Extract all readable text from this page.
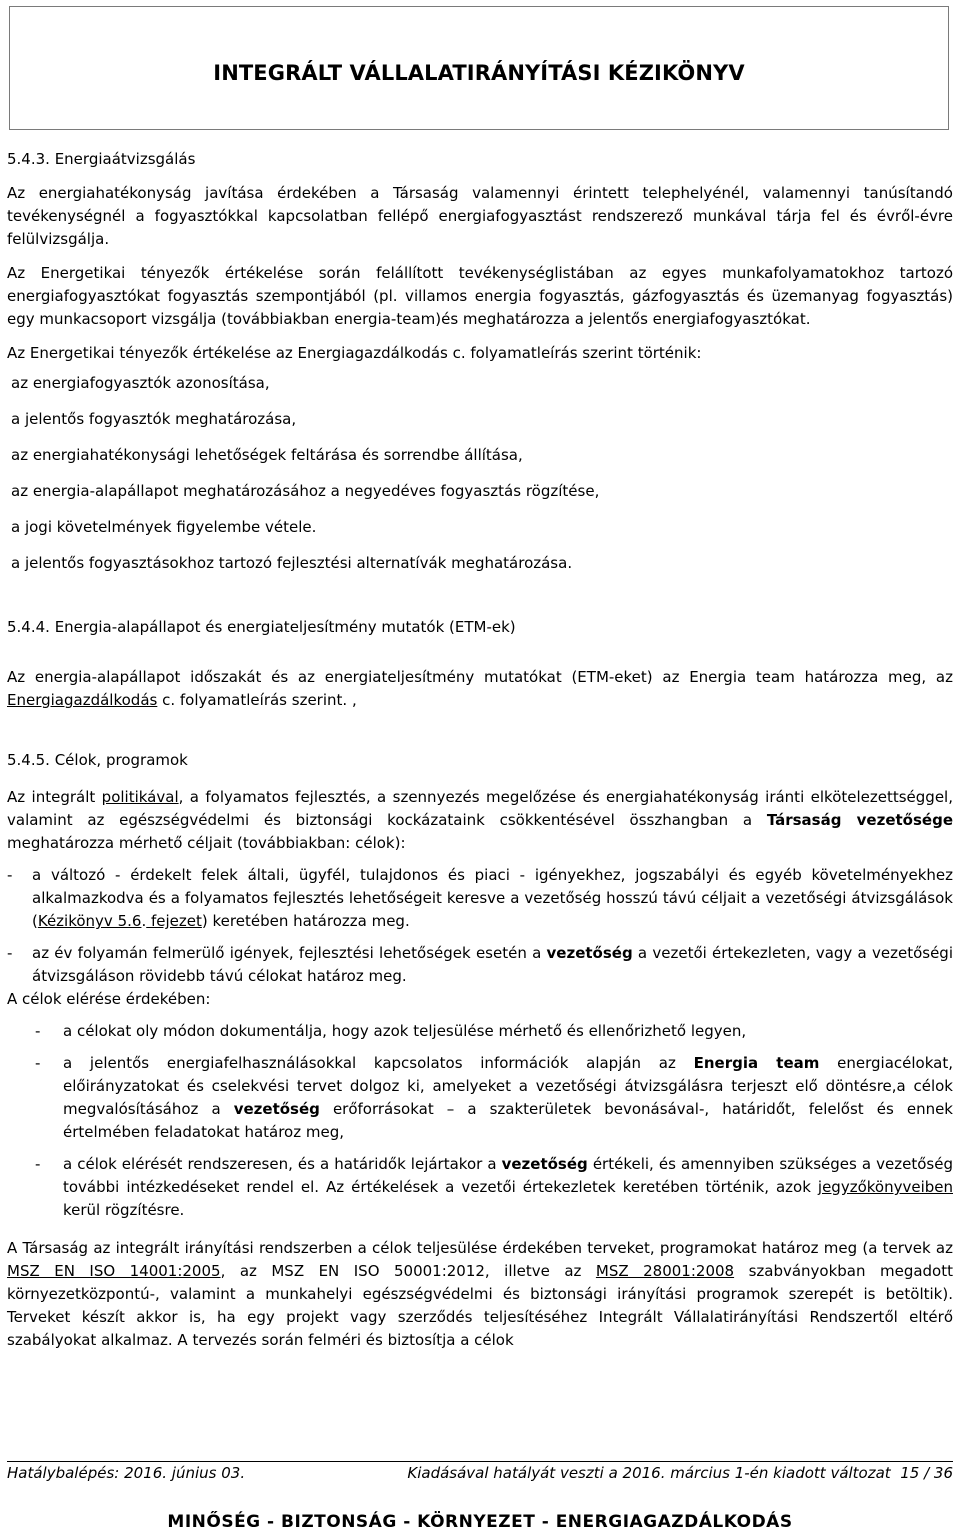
INTEGRÁLT VÁLLALATIRÁNYÍTÁSI KÉZIKÖNYV

5.4.3. Energiaátvizsgálás

Az energiahatékonyság javítása érdekében a Társaság valamennyi érintett telephelyénél, valamennyi tanúsítandó tevékenységnél a fogyasztókkal kapcsolatban fellépő energiafogyasztást rendszerező munkával tárja fel és évről-évre felülvizsgálja.

Az Energetikai tényezők értékelése során felállított tevékenységlistában az egyes munkafolyamatokhoz tartozó energiafogyasztókat fogyasztás szempontjából (pl. villamos energia fogyasztás, gázfogyasztás és üzemanyag fogyasztás) egy munkacsoport vizsgálja (továbbiakban energia-team)és meghatározza a jelentős energiafogyasztókat.

Az Energetikai tényezők értékelése az Energiagazdálkodás c. folyamatleírás szerint történik:

az energiafogyasztók azonosítása,

a jelentős fogyasztók meghatározása,

az energiahatékonysági lehetőségek feltárása és sorrendbe állítása,

az energia-alapállapot meghatározásához a negyedéves fogyasztás rögzítése,

a jogi követelmények figyelembe vétele.

a jelentős fogyasztásokhoz tartozó fejlesztési alternatívák meghatározása.

5.4.4. Energia-alapállapot és energiateljesítmény mutatók (ETM-ek)

Az energia-alapállapot időszakát és az energiateljesítmény mutatókat (ETM-eket) az Energia team határozza meg, az Energiagazdálkodás c. folyamatleírás szerint. ,

5.4.5. Célok, programok

Az integrált politikával, a folyamatos fejlesztés, a szennyezés megelőzése és energiahatékonyság iránti elkötelezettséggel, valamint az egészségvédelmi és biztonsági kockázataink csökkentésével összhangban a Társaság vezetősége meghatározza mérhető céljait (továbbiakban: célok):

- a változó - érdekelt felek általi, ügyfél, tulajdonos és piaci - igényekhez, jogszabályi és egyéb követelményekhez alkalmazkodva és a folyamatos fejlesztés lehetőségeit keresve a vezetőség hosszú távú céljait a vezetőségi átvizsgálások (Kézikönyv 5.6. fejezet) keretében határozza meg.
- az év folyamán felmerülő igények, fejlesztési lehetőségek esetén a vezetőség a vezetői értekezleten, vagy a vezetőségi átvizsgáláson rövidebb távú célokat határoz meg.

A célok elérése érdekében:

- a célokat oly módon dokumentálja, hogy azok teljesülése mérhető és ellenőrizhető legyen,
- a jelentős energiafelhasználásokkal kapcsolatos információk alapján az Energia team energiacélokat, előirányzatokat és cselekvési tervet dolgoz ki, amelyeket a vezetőségi átvizsgálásra terjeszt elő döntésre,a célok megvalósításához a vezetőség erőforrásokat – a szakterületek bevonásával-, határidőt, felelőst és ennek értelmében feladatokat határoz meg,
- a célok elérését rendszeresen, és a határidők lejártakor a vezetőség értékeli, és amennyiben szükséges a vezetőség további intézkedéseket rendel el. Az értékelések a vezetői értekezletek keretében történik, azok jegyzőkönyveiben kerül rögzítésre.

A Társaság az integrált irányítási rendszerben a célok teljesülése érdekében terveket, programokat határoz meg (a tervek az MSZ EN ISO 14001:2005, az MSZ EN ISO 50001:2012, illetve az MSZ 28001:2008 szabványokban megadott környezetközpontú-, valamint a munkahelyi egészségvédelmi és biztonsági irányítási programok szerepét is betöltik). Terveket készít akkor is, ha egy projekt vagy szerződés teljesítéséhez Integrált Vállalatirányítási Rendszertől eltérő szabályokat alkalmaz. A tervezés során felméri és biztosítja a célok

Hatálybalépés: 2016. június 03.	Kiadásával hatályát veszti a 2016. március 1-én kiadott változat 15 / 36
MINŐSÉG - BIZTONSÁG - KÖRNYEZET - ENERGIAGAZDÁLKODÁS
